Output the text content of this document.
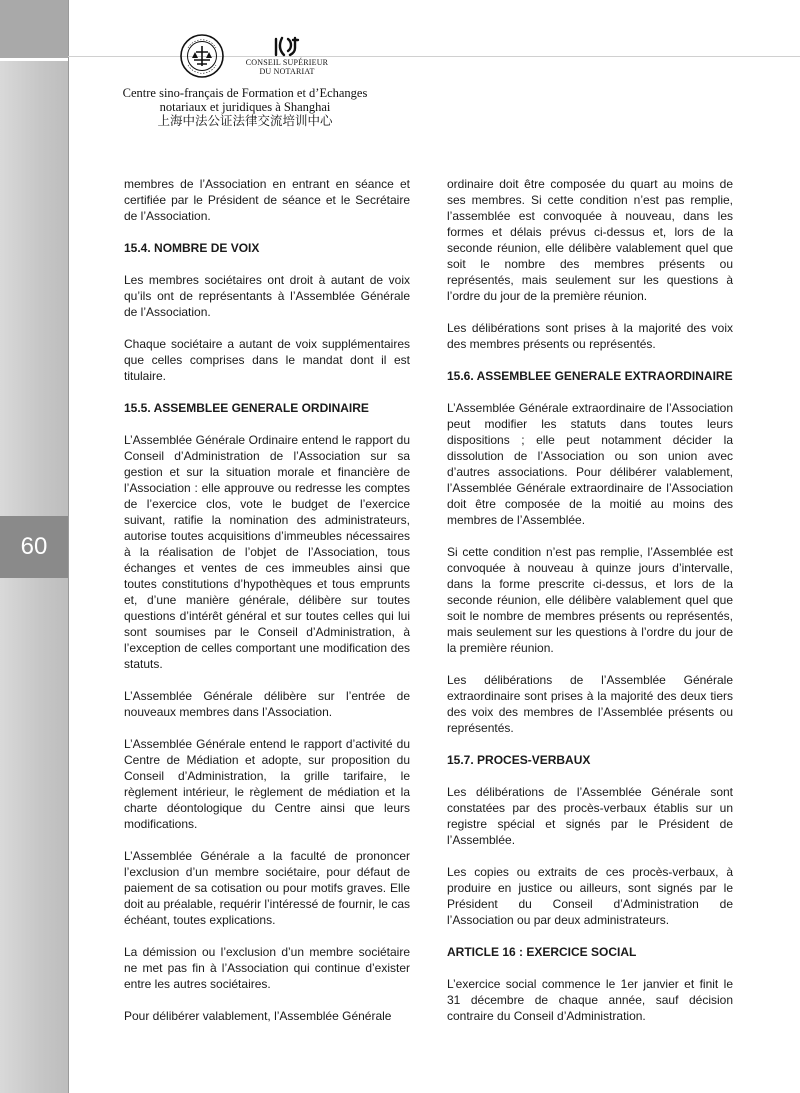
60
CONSEIL SUPÉRIEUR
DU NOTARIAT
Centre sino-français de Formation et d’Echanges
notariaux et juridiques à Shanghai
上海中法公证法律交流培训中心

membres de l’Association en entrant en séance et certifiée par le Président de séance et le Secrétaire de l’Association.

15.4. NOMBRE DE VOIX

Les membres sociétaires ont droit à autant de voix qu’ils ont de représentants à l’Assemblée Générale de l’Association.

Chaque sociétaire a autant de voix supplémentaires que celles comprises dans le mandat dont il est titulaire.

15.5. ASSEMBLEE GENERALE ORDINAIRE

L’Assemblée Générale Ordinaire entend le rapport du Conseil d’Administration de l’Association sur sa gestion et sur la situation morale et financière de l’Association : elle approuve ou redresse les comptes de l’exercice clos, vote le budget de l’exercice suivant, ratifie la nomination des administrateurs, autorise toutes acquisitions d’immeubles nécessaires à la réalisation de l’objet de l’Association, tous échanges et ventes de ces immeubles ainsi que toutes constitutions d’hypothèques et tous emprunts et, d’une manière générale, délibère sur toutes questions d’intérêt général et sur toutes celles qui lui sont soumises par le Conseil d’Administration, à l’exception de celles comportant une modification des statuts.

L’Assemblée Générale délibère sur l’entrée de nouveaux membres dans l’Association.

L’Assemblée Générale entend le rapport d’activité du Centre de Médiation et adopte, sur proposition du Conseil d’Administration, la grille tarifaire, le règlement intérieur, le règlement de médiation et la charte déontologique du Centre ainsi que leurs modifications.

L’Assemblée Générale a la faculté de prononcer l’exclusion d’un membre sociétaire, pour défaut de paiement de sa cotisation ou pour motifs graves. Elle doit au préalable, requérir l’intéressé de fournir, le cas échéant, toutes explications.

La démission ou l’exclusion d’un membre sociétaire ne met pas fin à l’Association qui continue d’exister entre les autres sociétaires.

Pour délibérer valablement, l’Assemblée Générale

ordinaire doit être composée du quart au moins de ses membres. Si cette condition n’est pas remplie, l’assemblée est convoquée à nouveau, dans les formes et délais prévus ci-dessus et, lors de la seconde réunion, elle délibère valablement quel que soit le nombre des membres présents ou représentés, mais seulement sur les questions à l’ordre du jour de la première réunion.

Les délibérations sont prises à la majorité des voix des membres présents ou représentés.

15.6. ASSEMBLEE GENERALE EXTRAORDINAIRE

L’Assemblée Générale extraordinaire de l’Association peut modifier les statuts dans toutes leurs dispositions ; elle peut notamment décider la dissolution de l’Association ou son union avec d’autres associations. Pour délibérer valablement, l’Assemblée Générale extraordinaire de l’Association doit être composée de la moitié au moins des membres de l’Assemblée.

Si cette condition n’est pas remplie, l’Assemblée est convoquée à nouveau à quinze jours d’intervalle, dans la forme prescrite ci-dessus, et lors de la seconde réunion, elle délibère valablement quel que soit le nombre de membres présents ou représentés, mais seulement sur les questions à l’ordre du jour de la première réunion.

Les délibérations de l’Assemblée Générale extraordinaire sont prises à la majorité des deux tiers des voix des membres de l’Assemblée présents ou représentés.

15.7. PROCES-VERBAUX

Les délibérations de l’Assemblée Générale sont constatées par des procès-verbaux établis sur un registre spécial et signés par le Président de l’Assemblée.

Les copies ou extraits de ces procès-verbaux, à produire en justice ou ailleurs, sont signés par le Président du Conseil d’Administration de l’Association ou par deux administrateurs.

ARTICLE 16 : EXERCICE SOCIAL

L’exercice social commence le 1er janvier et finit le 31 décembre de chaque année, sauf décision contraire du Conseil d’Administration.
